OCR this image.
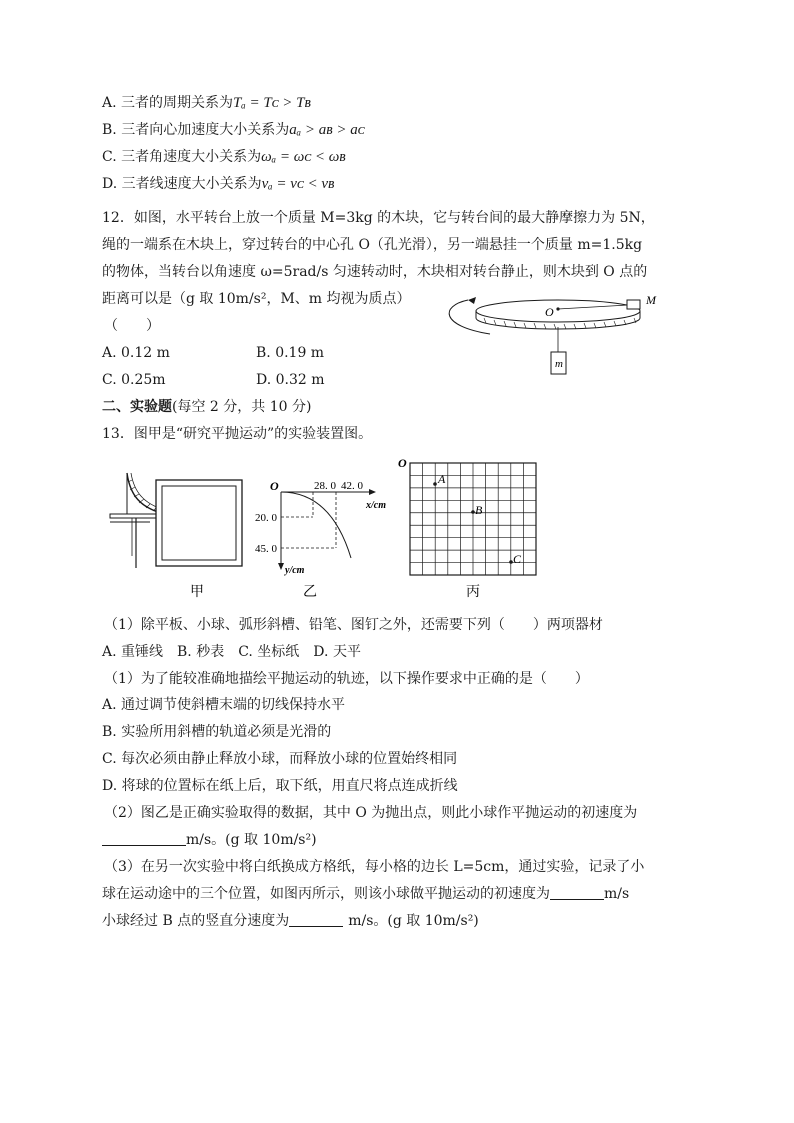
A. 三者的周期关系为Tₐ = Tᴄ > Tʙ
B. 三者向心加速度大小关系为aₐ > aʙ > aᴄ
C. 三者角速度大小关系为ωₐ = ωᴄ < ωʙ
D. 三者线速度大小关系为vₐ = vᴄ < vʙ
12．如图，水平转台上放一个质量 M=3kg 的木块，它与转台间的最大静摩擦力为 5N，
绳的一端系在木块上，穿过转台的中心孔 O（孔光滑），另一端悬挂一个质量 m=1.5kg
的物体，当转台以角速度 ω=5rad/s 匀速转动时，木块相对转台静止，则木块到 O 点的
距离可以是（g 取 10m/s²，M、m 均视为质点）
（　　）
A. 0.12 m	B. 0.19 m
C. 0.25m	D. 0.32 m
O
M
m
二、实验题(每空 2 分，共 10 分)
13．图甲是“研究平抛运动”的实验装置图。
甲
O	28. 0 42. 0
x/cm
20. 0
45. 0
y/cm
乙
O
A
B
C
丙
（1）除平板、小球、弧形斜槽、铅笔、图钉之外，还需要下列（　　）两项器材
A. 重锤线　B. 秒表　C. 坐标纸　D. 天平
（1）为了能较准确地描绘平抛运动的轨迹，以下操作要求中正确的是（　　）
A. 通过调节使斜槽末端的切线保持水平
B. 实验所用斜槽的轨道必须是光滑的
C. 每次必须由静止释放小球，而释放小球的位置始终相同
D. 将球的位置标在纸上后，取下纸，用直尺将点连成折线
（2）图乙是正确实验取得的数据，其中 O 为抛出点，则此小球作平抛运动的初速度为
m/s。(g 取 10m/s²)
（3）在另一次实验中将白纸换成方格纸，每小格的边长 L=5cm，通过实验，记录了小
球在运动途中的三个位置，如图丙所示，则该小球做平抛运动的初速度为	m/s
小球经过 B 点的竖直分速度为	m/s。(g 取 10m/s²)
